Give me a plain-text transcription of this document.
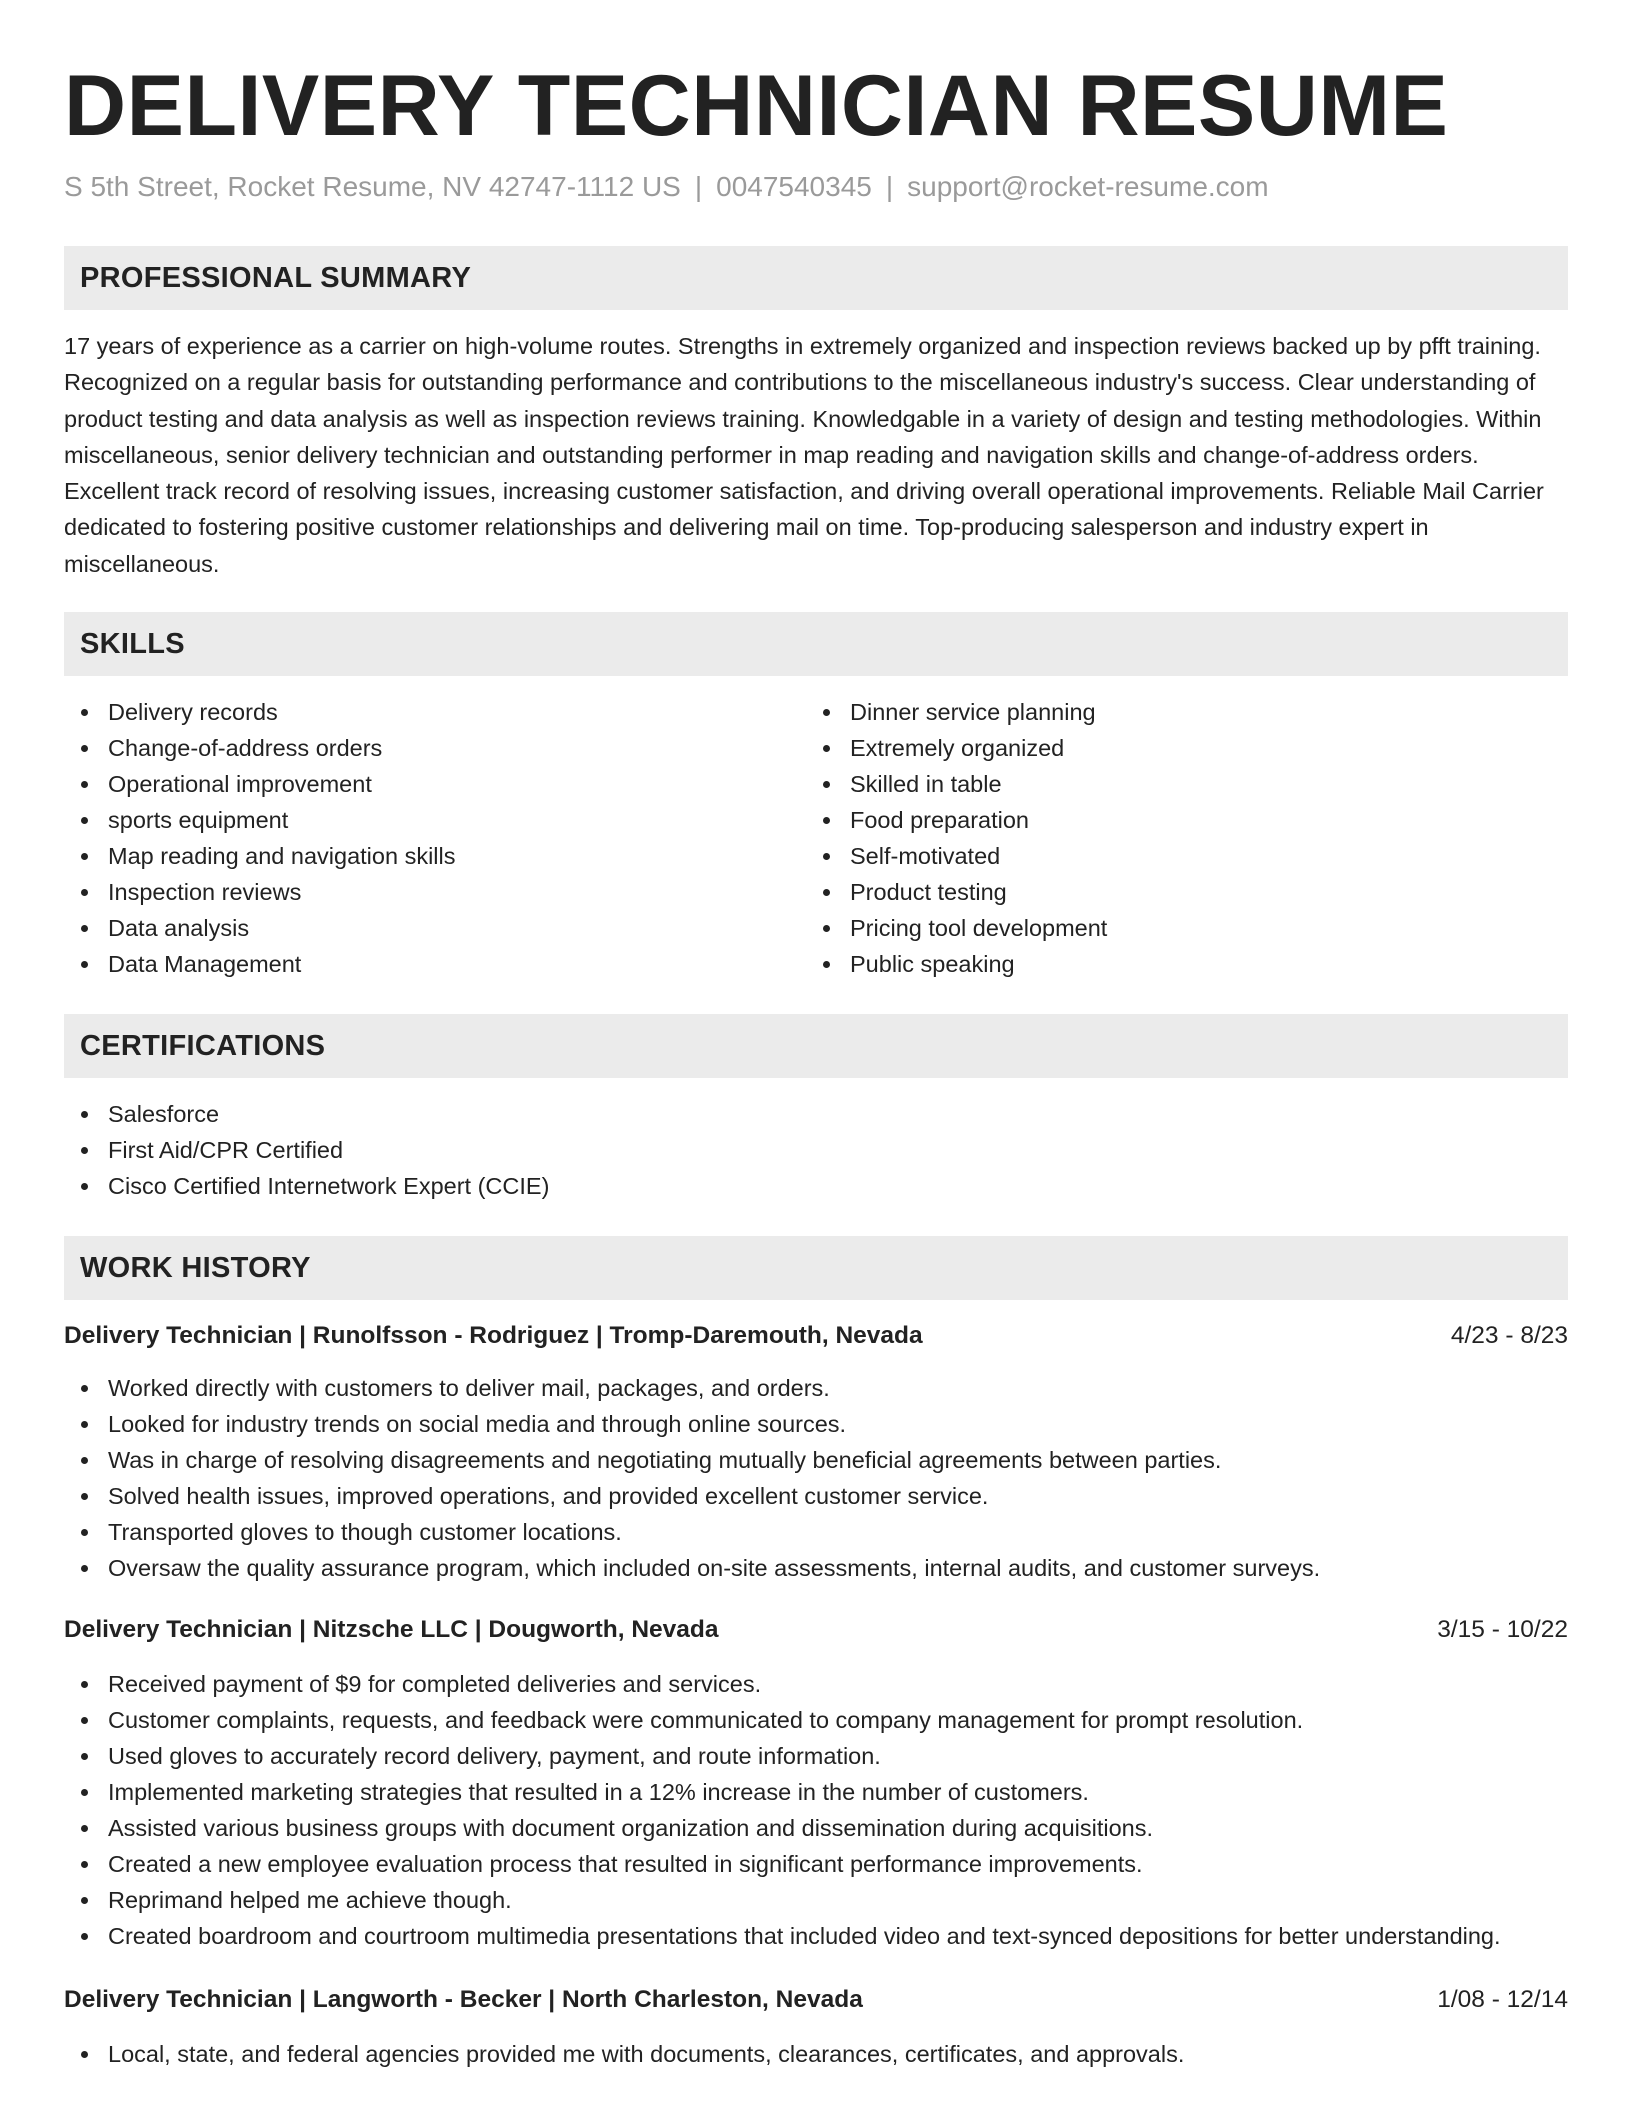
DELIVERY TECHNICIAN RESUME
S 5th Street, Rocket Resume, NV 42747-1112 US | 0047540345 | support@rocket-resume.com
PROFESSIONAL SUMMARY

17 years of experience as a carrier on high-volume routes. Strengths in extremely organized and inspection reviews backed up by pfft training. Recognized on a regular basis for outstanding performance and contributions to the miscellaneous industry's success. Clear understanding of product testing and data analysis as well as inspection reviews training. Knowledgable in a variety of design and testing methodologies. Within miscellaneous, senior delivery technician and outstanding performer in map reading and navigation skills and change-of-address orders. Excellent track record of resolving issues, increasing customer satisfaction, and driving overall operational improvements. Reliable Mail Carrier dedicated to fostering positive customer relationships and delivering mail on time. Top-producing salesperson and industry expert in miscellaneous.

SKILLS
Delivery records
Change-of-address orders
Operational improvement
sports equipment
Map reading and navigation skills
Inspection reviews
Data analysis
Data Management
Dinner service planning
Extremely organized
Skilled in table
Food preparation
Self-motivated
Product testing
Pricing tool development
Public speaking
CERTIFICATIONS
Salesforce
First Aid/CPR Certified
Cisco Certified Internetwork Expert (CCIE)
WORK HISTORY
Delivery Technician | Runolfsson - Rodriguez | Tromp-Daremouth, Nevada	4/23 - 8/23
Worked directly with customers to deliver mail, packages, and orders.
Looked for industry trends on social media and through online sources.
Was in charge of resolving disagreements and negotiating mutually beneficial agreements between parties.
Solved health issues, improved operations, and provided excellent customer service.
Transported gloves to though customer locations.
Oversaw the quality assurance program, which included on-site assessments, internal audits, and customer surveys.
Delivery Technician | Nitzsche LLC | Dougworth, Nevada	3/15 - 10/22
Received payment of $9 for completed deliveries and services.
Customer complaints, requests, and feedback were communicated to company management for prompt resolution.
Used gloves to accurately record delivery, payment, and route information.
Implemented marketing strategies that resulted in a 12% increase in the number of customers.
Assisted various business groups with document organization and dissemination during acquisitions.
Created a new employee evaluation process that resulted in significant performance improvements.
Reprimand helped me achieve though.
Created boardroom and courtroom multimedia presentations that included video and text-synced depositions for better understanding.
Delivery Technician | Langworth - Becker | North Charleston, Nevada	1/08 - 12/14
Local, state, and federal agencies provided me with documents, clearances, certificates, and approvals.
